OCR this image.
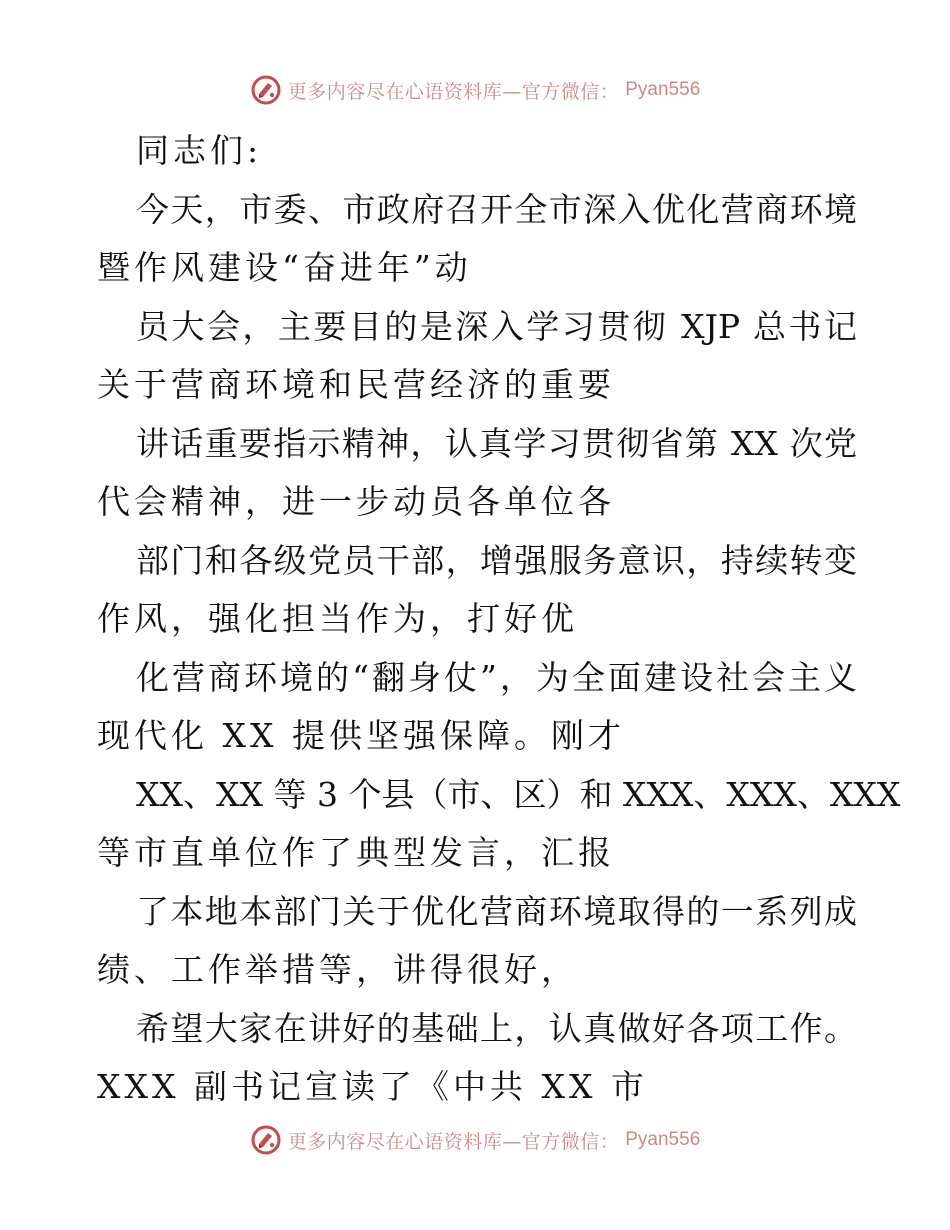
更多内容尽在心语资料库—官方微信： Pyan556
同志们:
今天，市委、市政府召开全市深入优化营商环境
暨作风建设“奋进年”动
员大会，主要目的是深入学习贯彻 XJP 总书记
关于营商环境和民营经济的重要
讲话重要指示精神，认真学习贯彻省第 XX 次党
代会精神，进一步动员各单位各
部门和各级党员干部，增强服务意识，持续转变
作风，强化担当作为，打好优
化营商环境的“翻身仗”，为全面建设社会主义
现代化 XX 提供坚强保障。刚才
XX、XX 等 3 个县（市、区）和 XXX、XXX、XXX
等市直单位作了典型发言，汇报
了本地本部门关于优化营商环境取得的一系列成
绩、工作举措等，讲得很好，
希望大家在讲好的基础上，认真做好各项工作。
XXX 副书记宣读了《中共 XX 市
更多内容尽在心语资料库—官方微信： Pyan556
